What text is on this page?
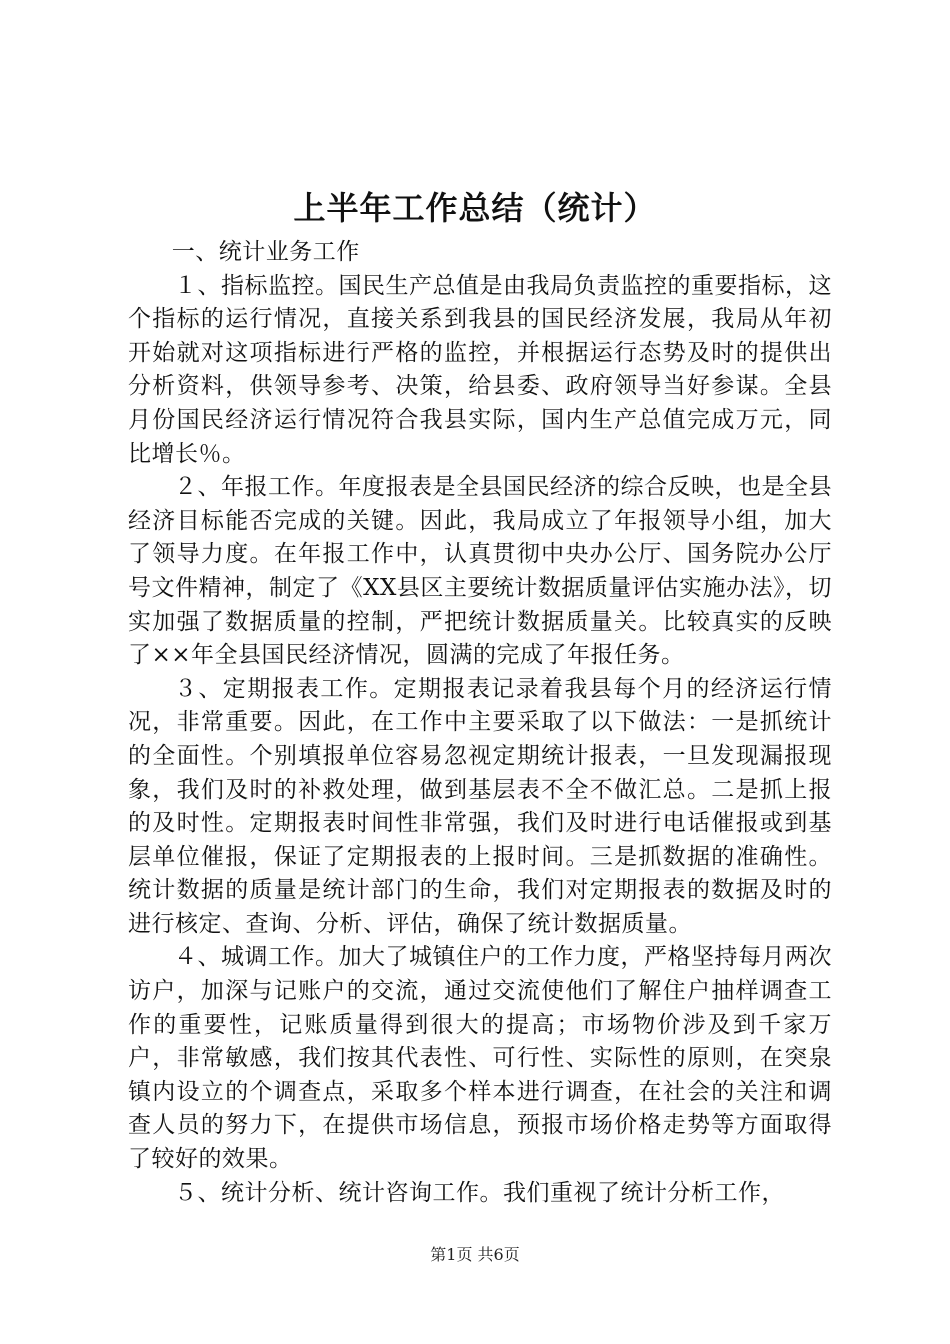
上半年工作总结（统计）

一、统计业务工作

１、指标监控。国民生产总值是由我局负责监控的重要指标，这个指标的运行情况，直接关系到我县的国民经济发展，我局从年初开始就对这项指标进行严格的监控，并根据运行态势及时的提供出分析资料，供领导参考、决策，给县委、政府领导当好参谋。全县月份国民经济运行情况符合我县实际，国内生产总值完成万元，同比增长％。

２、年报工作。年度报表是全县国民经济的综合反映，也是全县经济目标能否完成的关键。因此，我局成立了年报领导小组，加大了领导力度。在年报工作中，认真贯彻中央办公厅、国务院办公厅号文件精神，制定了《XX县区主要统计数据质量评估实施办法》，切实加强了数据质量的控制，严把统计数据质量关。比较真实的反映了××年全县国民经济情况，圆满的完成了年报任务。

３、定期报表工作。定期报表记录着我县每个月的经济运行情况，非常重要。因此，在工作中主要采取了以下做法：一是抓统计的全面性。个别填报单位容易忽视定期统计报表，一旦发现漏报现象，我们及时的补救处理，做到基层表不全不做汇总。二是抓上报的及时性。定期报表时间性非常强，我们及时进行电话催报或到基层单位催报，保证了定期报表的上报时间。三是抓数据的准确性。统计数据的质量是统计部门的生命，我们对定期报表的数据及时的进行核定、查询、分析、评估，确保了统计数据质量。

４、城调工作。加大了城镇住户的工作力度，严格坚持每月两次访户，加深与记账户的交流，通过交流使他们了解住户抽样调查工作的重要性，记账质量得到很大的提高；市场物价涉及到千家万户，非常敏感，我们按其代表性、可行性、实际性的原则，在突泉镇内设立的个调查点，采取多个样本进行调查，在社会的关注和调查人员的努力下，在提供市场信息，预报市场价格走势等方面取得了较好的效果。

５、统计分析、统计咨询工作。我们重视了统计分析工作，

第1页 共6页
